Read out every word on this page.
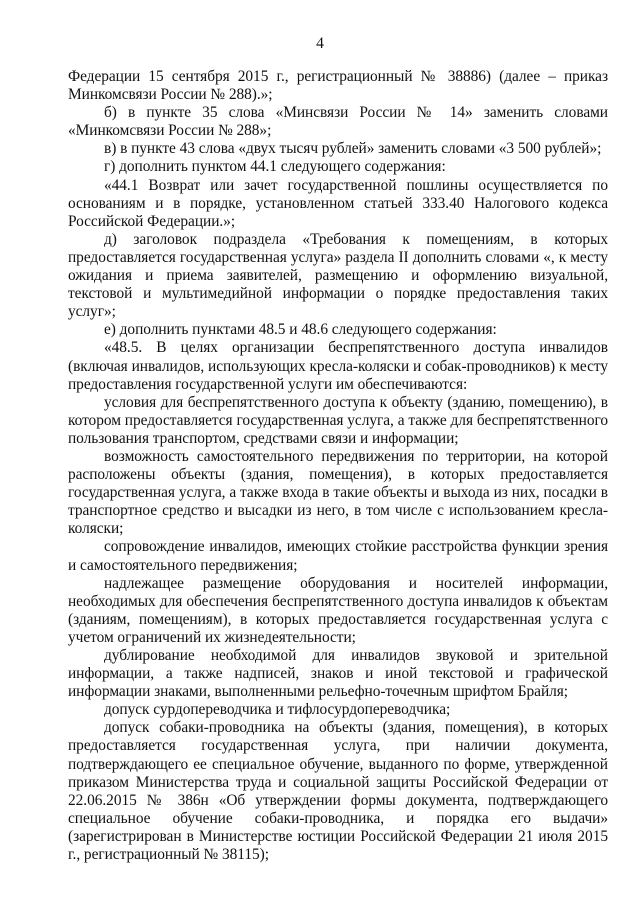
4

Федерации 15 сентября 2015 г., регистрационный № 38886) (далее – приказ Минкомсвязи России № 288).»;

б) в пункте 35 слова «Минсвязи России № 14» заменить словами «Минкомсвязи России № 288»;

в) в пункте 43 слова «двух тысяч рублей» заменить словами «3 500 рублей»;

г) дополнить пунктом 44.1 следующего содержания:

«44.1 Возврат или зачет государственной пошлины осуществляется по основаниям и в порядке, установленном статьей 333.40 Налогового кодекса Российской Федерации.»;

д) заголовок подраздела «Требования к помещениям, в которых предоставляется государственная услуга» раздела II дополнить словами «, к месту ожидания и приема заявителей, размещению и оформлению визуальной, текстовой и мультимедийной информации о порядке предоставления таких услуг»;

е) дополнить пунктами 48.5 и 48.6 следующего содержания:

«48.5. В целях организации беспрепятственного доступа инвалидов (включая инвалидов, использующих кресла-коляски и собак-проводников) к месту предоставления государственной услуги им обеспечиваются:

условия для беспрепятственного доступа к объекту (зданию, помещению), в котором предоставляется государственная услуга, а также для беспрепятственного пользования транспортом, средствами связи и информации;

возможность самостоятельного передвижения по территории, на которой расположены объекты (здания, помещения), в которых предоставляется государственная услуга, а также входа в такие объекты и выхода из них, посадки в транспортное средство и высадки из него, в том числе с использованием кресла-коляски;

сопровождение инвалидов, имеющих стойкие расстройства функции зрения и самостоятельного передвижения;

надлежащее размещение оборудования и носителей информации, необходимых для обеспечения беспрепятственного доступа инвалидов к объектам (зданиям, помещениям), в которых предоставляется государственная услуга с учетом ограничений их жизнедеятельности;

дублирование необходимой для инвалидов звуковой и зрительной информации, а также надписей, знаков и иной текстовой и графической информации знаками, выполненными рельефно-точечным шрифтом Брайля;

допуск сурдопереводчика и тифлосурдопереводчика;

допуск собаки-проводника на объекты (здания, помещения), в которых предоставляется государственная услуга, при наличии документа, подтверждающего ее специальное обучение, выданного по форме, утвержденной приказом Министерства труда и социальной защиты Российской Федерации от 22.06.2015 № 386н «Об утверждении формы документа, подтверждающего специальное обучение собаки-проводника, и порядка его выдачи» (зарегистрирован в Министерстве юстиции Российской Федерации 21 июля 2015 г., регистрационный № 38115);
